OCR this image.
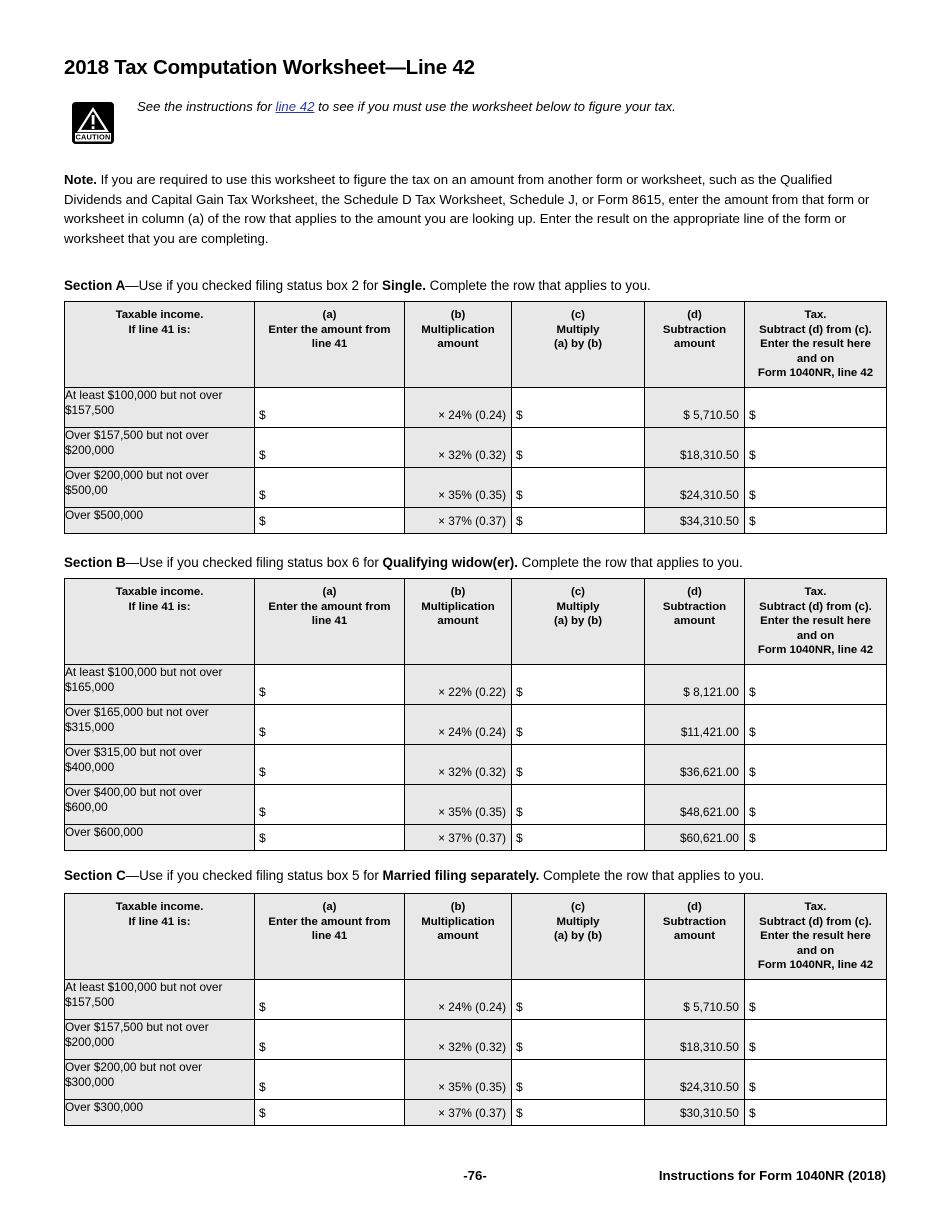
2018 Tax Computation Worksheet—Line 42
CAUTION
See the instructions for line 42 to see if you must use the worksheet below to figure your tax.
Note. If you are required to use this worksheet to figure the tax on an amount from another form or worksheet, such as the Qualified Dividends and Capital Gain Tax Worksheet, the Schedule D Tax Worksheet, Schedule J, or Form 8615, enter the amount from that form or worksheet in column (a) of the row that applies to the amount you are looking up. Enter the result on the appropriate line of the form or worksheet that you are completing.
Section A—Use if you checked filing status box 2 for Single. Complete the row that applies to you.
Taxable income.
If line 41 is:

(a)
Enter the amount from
line 41

(b)
Multiplication
amount

(c)
Multiply
(a) by (b)

(d)
Subtraction
amount

Tax.
Subtract (d) from (c).
Enter the result here
and on
Form 1040NR, line 42

At least $100,000 but not over
$157,500	$	× 24% (0.24)	$	$ 5,710.50	$

Over $157,500 but not over
$200,000	$	× 32% (0.32)	$	$18,310.50	$

Over $200,000 but not over
$500,00	$	× 35% (0.35)	$	$24,310.50	$

Over $500,000	$	× 37% (0.37)	$	$34,310.50	$
Section B—Use if you checked filing status box 6 for Qualifying widow(er). Complete the row that applies to you.
Taxable income.
If line 41 is:

(a)
Enter the amount from
line 41

(b)
Multiplication
amount

(c)
Multiply
(a) by (b)

(d)
Subtraction
amount

Tax.
Subtract (d) from (c).
Enter the result here
and on
Form 1040NR, line 42

At least $100,000 but not over
$165,000	$	× 22% (0.22)	$	$ 8,121.00	$

Over $165,000 but not over
$315,000	$	× 24% (0.24)	$	$11,421.00	$

Over $315,00 but not over
$400,000	$	× 32% (0.32)	$	$36,621.00	$

Over $400,00 but not over
$600,00	$	× 35% (0.35)	$	$48,621.00	$

Over $600,000	$	× 37% (0.37)	$	$60,621.00	$
Section C—Use if you checked filing status box 5 for Married filing separately. Complete the row that applies to you.
Taxable income.
If line 41 is:

(a)
Enter the amount from
line 41

(b)
Multiplication
amount

(c)
Multiply
(a) by (b)

(d)
Subtraction
amount

Tax.
Subtract (d) from (c).
Enter the result here
and on
Form 1040NR, line 42

At least $100,000 but not over
$157,500	$	× 24% (0.24)	$	$ 5,710.50	$

Over $157,500 but not over
$200,000	$	× 32% (0.32)	$	$18,310.50	$

Over $200,00 but not over
$300,000	$	× 35% (0.35)	$	$24,310.50	$

Over $300,000	$	× 37% (0.37)	$	$30,310.50	$
-76-	Instructions for Form 1040NR (2018)
